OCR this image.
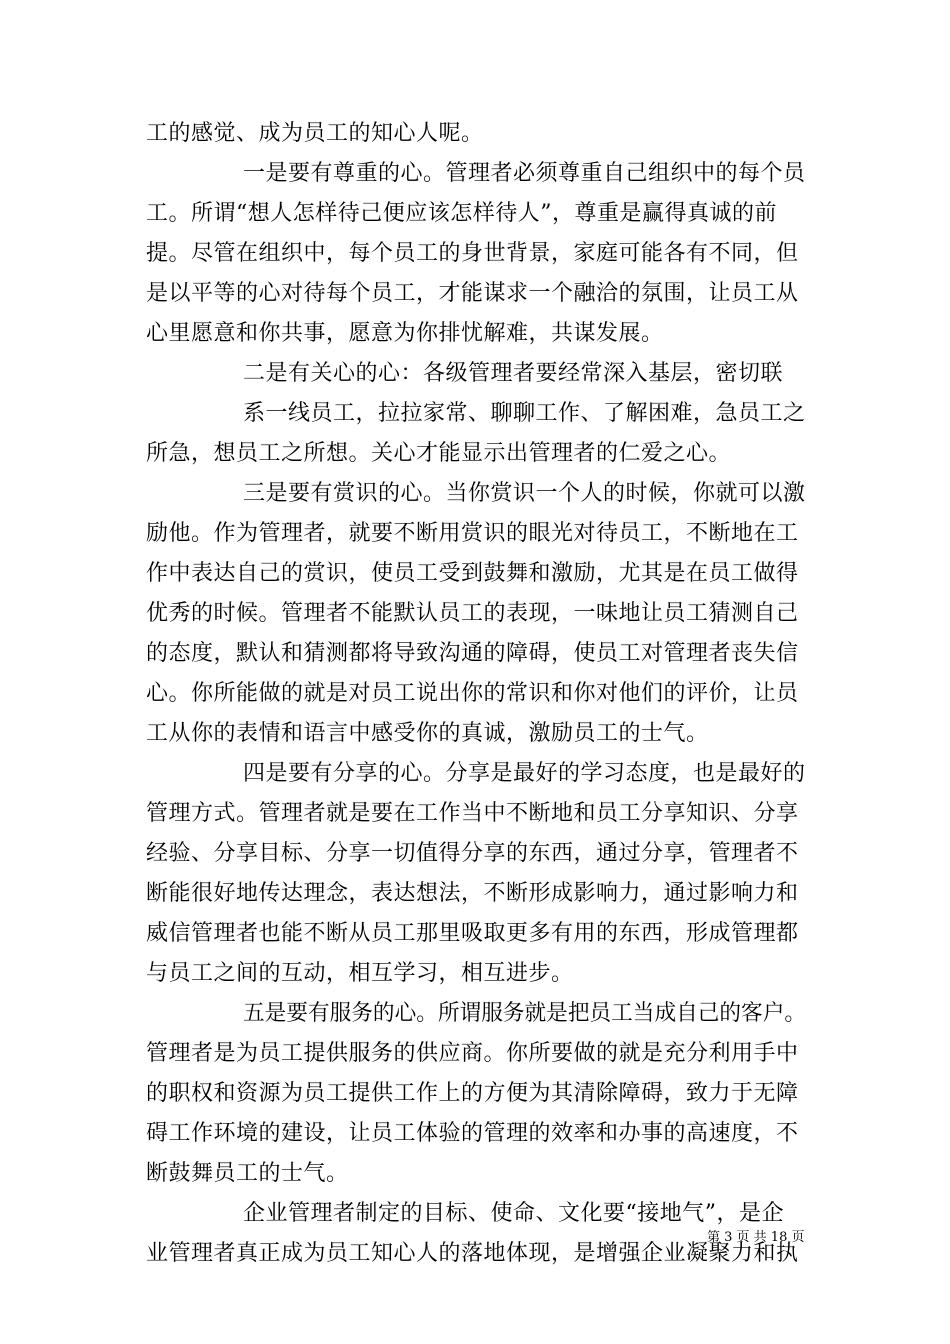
工的感觉、成为员工的知心人呢。
一是要有尊重的心。管理者必须尊重自己组织中的每个员
工。所谓“想人怎样待己便应该怎样待人”，尊重是赢得真诚的前
提。尽管在组织中，每个员工的身世背景，家庭可能各有不同，但
是以平等的心对待每个员工，才能谋求一个融洽的氛围，让员工从
心里愿意和你共事，愿意为你排忧解难，共谋发展。
二是有关心的心：各级管理者要经常深入基层，密切联
系一线员工，拉拉家常、聊聊工作、了解困难，急员工之
所急，想员工之所想。关心才能显示出管理者的仁爱之心。
三是要有赏识的心。当你赏识一个人的时候，你就可以激
励他。作为管理者，就要不断用赏识的眼光对待员工，不断地在工
作中表达自己的赏识，使员工受到鼓舞和激励，尤其是在员工做得
优秀的时候。管理者不能默认员工的表现，一味地让员工猜测自己
的态度，默认和猜测都将导致沟通的障碍，使员工对管理者丧失信
心。你所能做的就是对员工说出你的常识和你对他们的评价，让员
工从你的表情和语言中感受你的真诚，激励员工的士气。
四是要有分享的心。分享是最好的学习态度，也是最好的
管理方式。管理者就是要在工作当中不断地和员工分享知识、分享
经验、分享目标、分享一切值得分享的东西，通过分享，管理者不
断能很好地传达理念，表达想法，不断形成影响力，通过影响力和
威信管理者也能不断从员工那里吸取更多有用的东西，形成管理都
与员工之间的互动，相互学习，相互进步。
五是要有服务的心。所谓服务就是把员工当成自己的客户。
管理者是为员工提供服务的供应商。你所要做的就是充分利用手中
的职权和资源为员工提供工作上的方便为其清除障碍，致力于无障
碍工作环境的建设，让员工体验的管理的效率和办事的高速度，不
断鼓舞员工的士气。
企业管理者制定的目标、使命、文化要“接地气”，是企
业管理者真正成为员工知心人的落地体现，是增强企业凝聚力和执
第 3 页 共 18 页
